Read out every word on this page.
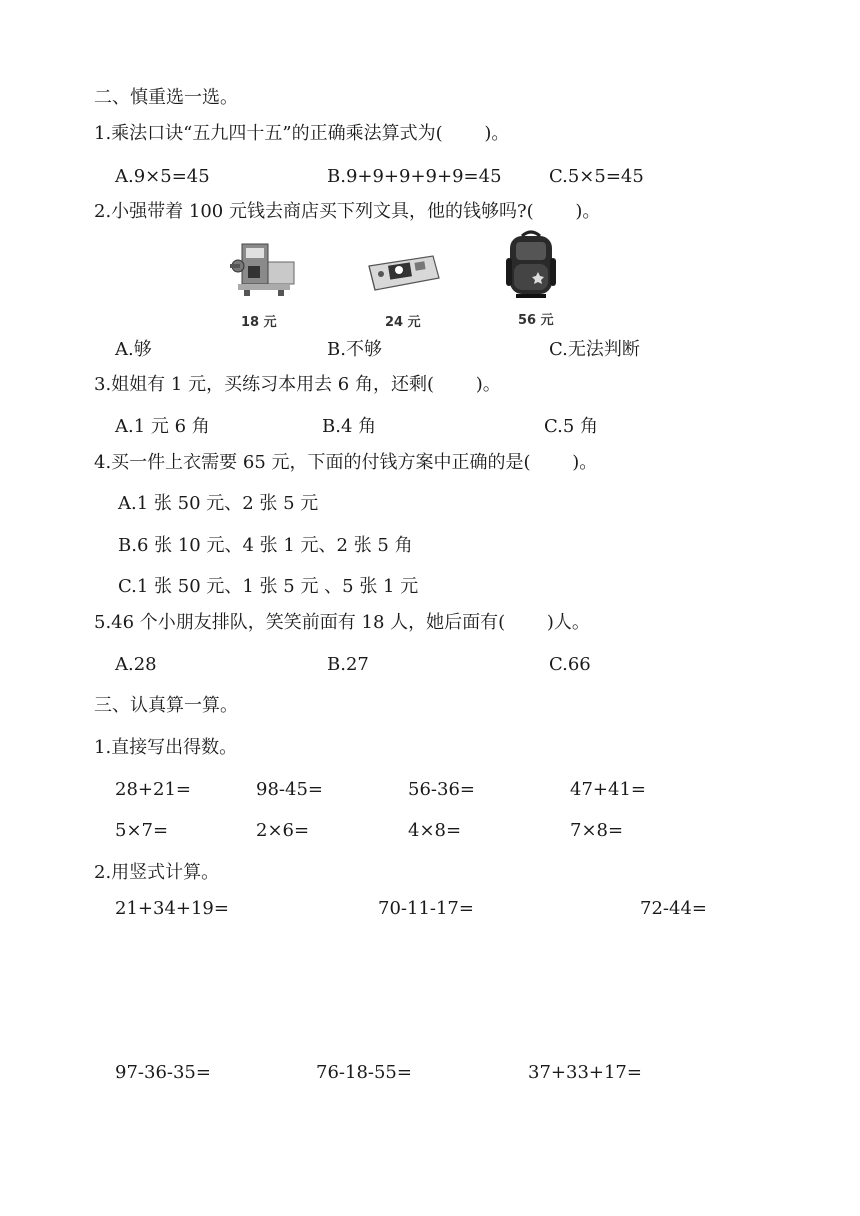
二、慎重选一选。
1.乘法口诀“五九四十五”的正确乘法算式为(　　 )。
A.9×5=45	B.9+9+9+9+9=45	C.5×5=45
2.小强带着 100 元钱去商店买下列文具，他的钱够吗?(　　 )。
18 元	24 元	56 元
A.够	B.不够	C.无法判断
3.姐姐有 1 元，买练习本用去 6 角，还剩(　　 )。
A.1 元 6 角	B.4 角	C.5 角
4.买一件上衣需要 65 元，下面的付钱方案中正确的是(　　 )。
A.1 张 50 元、2 张 5 元
B.6 张 10 元、4 张 1 元、2 张 5 角
C.1 张 50 元、1 张 5 元 、5 张 1 元
5.46 个小朋友排队，笑笑前面有 18 人，她后面有(　　 )人。
A.28	B.27	C.66
三、认真算一算。
1.直接写出得数。
28+21=	98-45=	56-36=	47+41=
5×7=	2×6=	4×8=	7×8=
2.用竖式计算。
21+34+19=	70-11-17=	72-44=
97-36-35=	76-18-55=	37+33+17=
